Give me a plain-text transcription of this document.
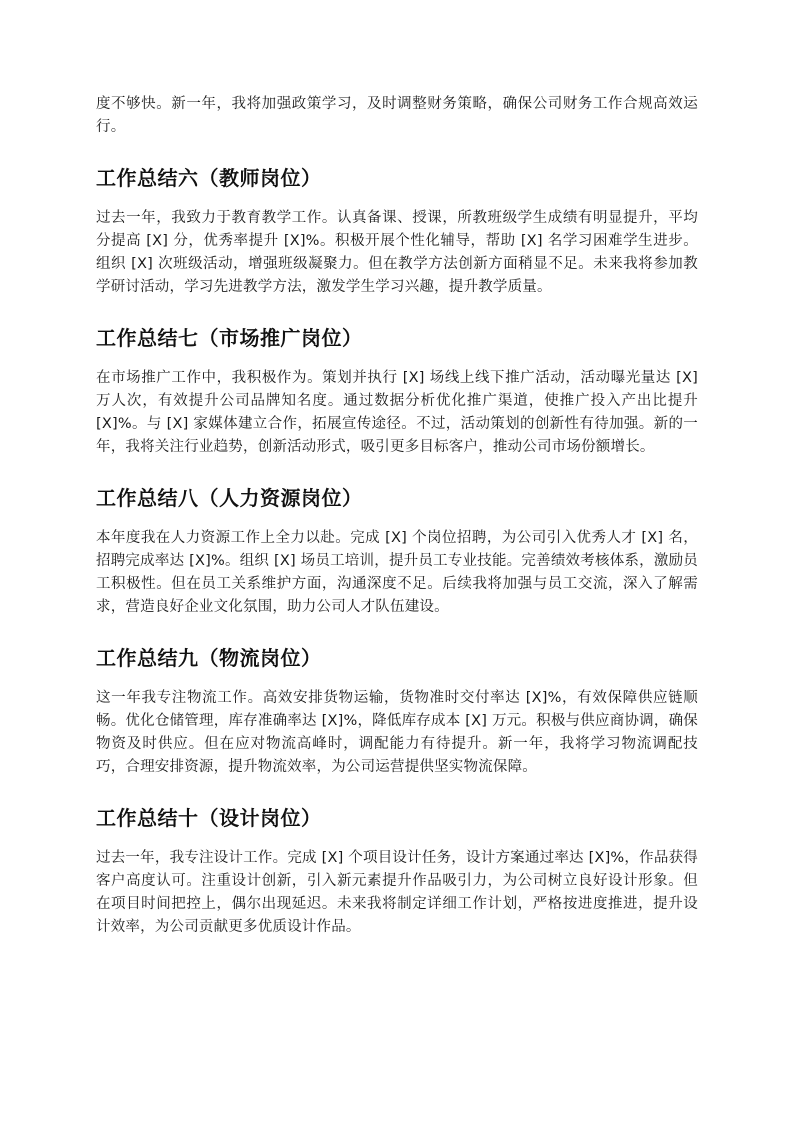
度不够快。新一年，我将加强政策学习，及时调整财务策略，确保公司财务工作合规高效运行。

工作总结六（教师岗位）

过去一年，我致力于教育教学工作。认真备课、授课，所教班级学生成绩有明显提升，平均分提高 [X] 分，优秀率提升 [X]%。积极开展个性化辅导，帮助 [X] 名学习困难学生进步。组织 [X] 次班级活动，增强班级凝聚力。但在教学方法创新方面稍显不足。未来我将参加教学研讨活动，学习先进教学方法，激发学生学习兴趣，提升教学质量。

工作总结七（市场推广岗位）

在市场推广工作中，我积极作为。策划并执行 [X] 场线上线下推广活动，活动曝光量达 [X] 万人次，有效提升公司品牌知名度。通过数据分析优化推广渠道，使推广投入产出比提升 [X]%。与 [X] 家媒体建立合作，拓展宣传途径。不过，活动策划的创新性有待加强。新的一年，我将关注行业趋势，创新活动形式，吸引更多目标客户，推动公司市场份额增长。

工作总结八（人力资源岗位）

本年度我在人力资源工作上全力以赴。完成 [X] 个岗位招聘，为公司引入优秀人才 [X] 名，招聘完成率达 [X]%。组织 [X] 场员工培训，提升员工专业技能。完善绩效考核体系，激励员工积极性。但在员工关系维护方面，沟通深度不足。后续我将加强与员工交流，深入了解需求，营造良好企业文化氛围，助力公司人才队伍建设。

工作总结九（物流岗位）

这一年我专注物流工作。高效安排货物运输，货物准时交付率达 [X]%，有效保障供应链顺畅。优化仓储管理，库存准确率达 [X]%，降低库存成本 [X] 万元。积极与供应商协调，确保物资及时供应。但在应对物流高峰时，调配能力有待提升。新一年，我将学习物流调配技巧，合理安排资源，提升物流效率，为公司运营提供坚实物流保障。

工作总结十（设计岗位）

过去一年，我专注设计工作。完成 [X] 个项目设计任务，设计方案通过率达 [X]%，作品获得客户高度认可。注重设计创新，引入新元素提升作品吸引力，为公司树立良好设计形象。但在项目时间把控上，偶尔出现延迟。未来我将制定详细工作计划，严格按进度推进，提升设计效率，为公司贡献更多优质设计作品。
